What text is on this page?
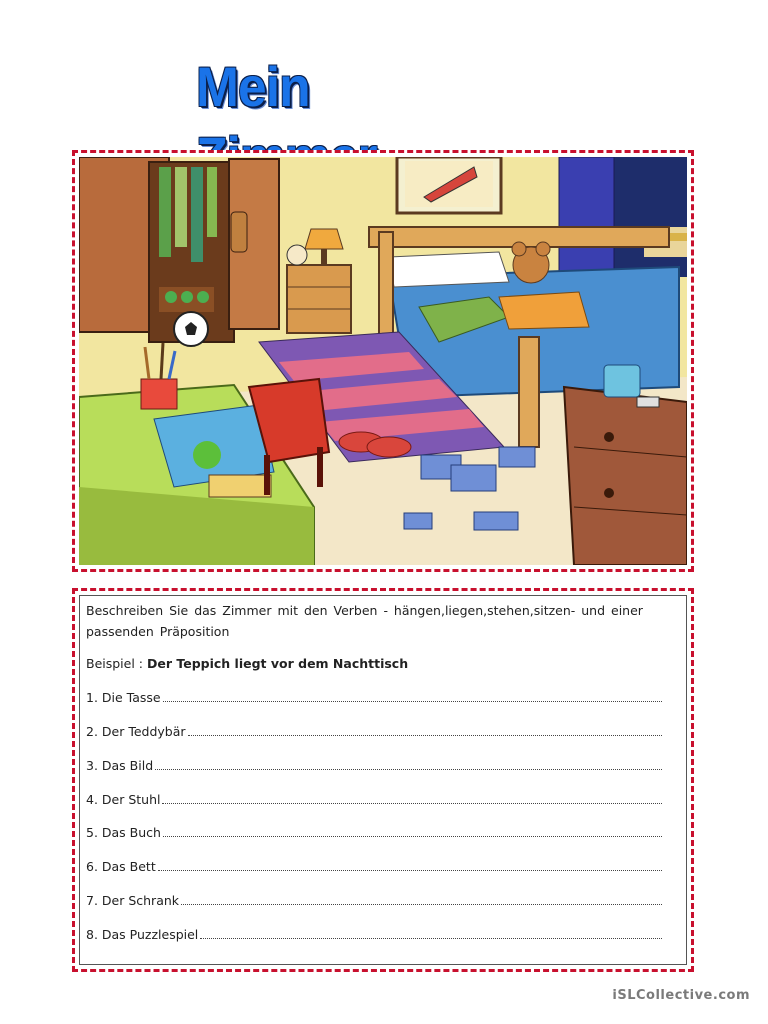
Mein
Beschreiben Sie das Zimmer mit den Verben - hängen,liegen,stehen,sitzen- und einer passenden Präposition
Beispiel : Der Teppich liegt vor dem Nachttisch
1. Die Tasse
2. Der Teddybär
3. Das Bild
4. Der Stuhl
5. Das Buch
6. Das Bett
7. Der Schrank
8. Das Puzzlespiel
iSLCollective.com
